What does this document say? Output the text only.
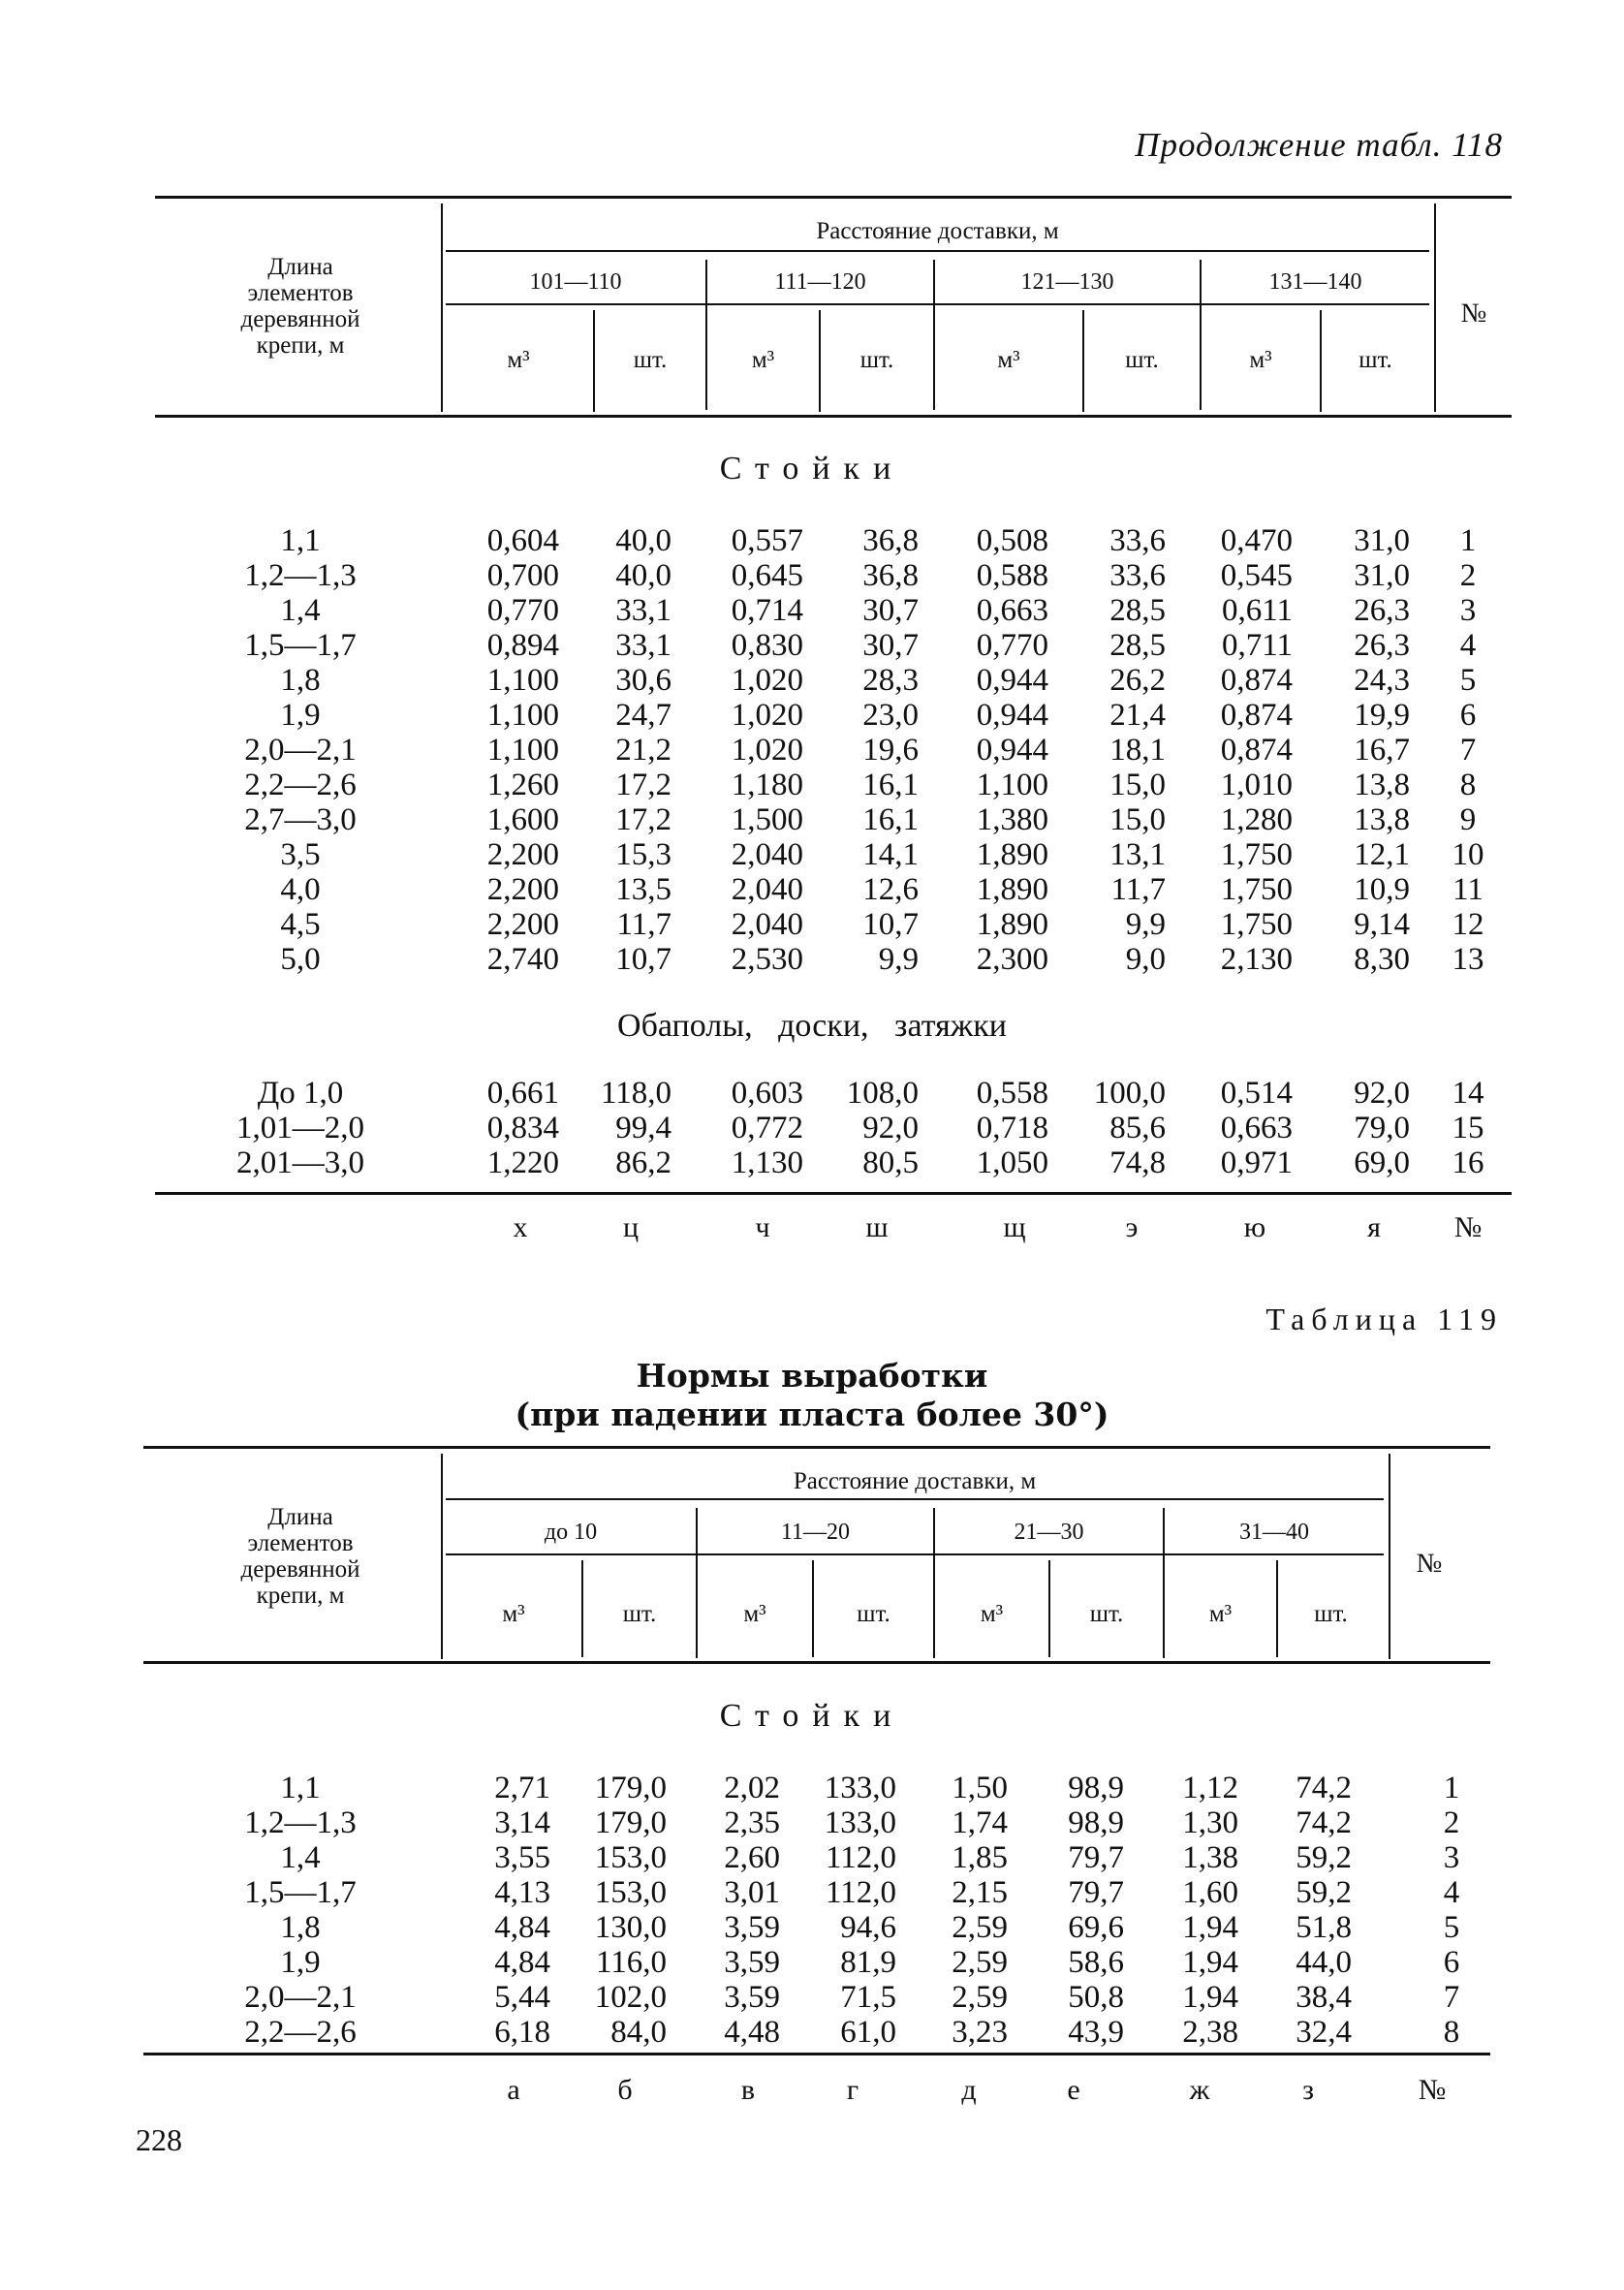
Продолжение табл. 118
Длина
элементов
деревянной
крепи, м
Расстояние доставки, м
101—110	111—120	121—130	131—140
м³	шт.	м³	шт.	м³	шт.	м³	шт.
№
Стойки
1,1	0,604	40,0	0,557	36,8	0,508	33,6	0,470	31,0	1
1,2—1,3	0,700	40,0	0,645	36,8	0,588	33,6	0,545	31,0	2
1,4	0,770	33,1	0,714	30,7	0,663	28,5	0,611	26,3	3
1,5—1,7	0,894	33,1	0,830	30,7	0,770	28,5	0,711	26,3	4
1,8	1,100	30,6	1,020	28,3	0,944	26,2	0,874	24,3	5
1,9	1,100	24,7	1,020	23,0	0,944	21,4	0,874	19,9	6
2,0—2,1	1,100	21,2	1,020	19,6	0,944	18,1	0,874	16,7	7
2,2—2,6	1,260	17,2	1,180	16,1	1,100	15,0	1,010	13,8	8
2,7—3,0	1,600	17,2	1,500	16,1	1,380	15,0	1,280	13,8	9
3,5	2,200	15,3	2,040	14,1	1,890	13,1	1,750	12,1	10
4,0	2,200	13,5	2,040	12,6	1,890	11,7	1,750	10,9	11
4,5	2,200	11,7	2,040	10,7	1,890	9,9	1,750	9,14	12
5,0	2,740	10,7	2,530	9,9	2,300	9,0	2,130	8,30	13
Обаполы, доски, затяжки
До 1,0	0,661	118,0	0,603	108,0	0,558	100,0	0,514	92,0	14
1,01—2,0	0,834	99,4	0,772	92,0	0,718	85,6	0,663	79,0	15
2,01—3,0	1,220	86,2	1,130	80,5	1,050	74,8	0,971	69,0	16
х	ц	ч	ш	щ	э	ю	я	№
Таблица 119
Нормы выработки
(при падении пласта более 30°)
Длина
элементов
деревянной
крепи, м
Расстояние доставки, м
до 10	11—20	21—30	31—40
м³	шт.	м³	шт.	м³	шт.	м³	шт.
№
Стойки
1,1	2,71	179,0	2,02	133,0	1,50	98,9	1,12	74,2	1
1,2—1,3	3,14	179,0	2,35	133,0	1,74	98,9	1,30	74,2	2
1,4	3,55	153,0	2,60	112,0	1,85	79,7	1,38	59,2	3
1,5—1,7	4,13	153,0	3,01	112,0	2,15	79,7	1,60	59,2	4
1,8	4,84	130,0	3,59	94,6	2,59	69,6	1,94	51,8	5
1,9	4,84	116,0	3,59	81,9	2,59	58,6	1,94	44,0	6
2,0—2,1	5,44	102,0	3,59	71,5	2,59	50,8	1,94	38,4	7
2,2—2,6	6,18	84,0	4,48	61,0	3,23	43,9	2,38	32,4	8
а	б	в	г	д	е	ж	з	№
228
